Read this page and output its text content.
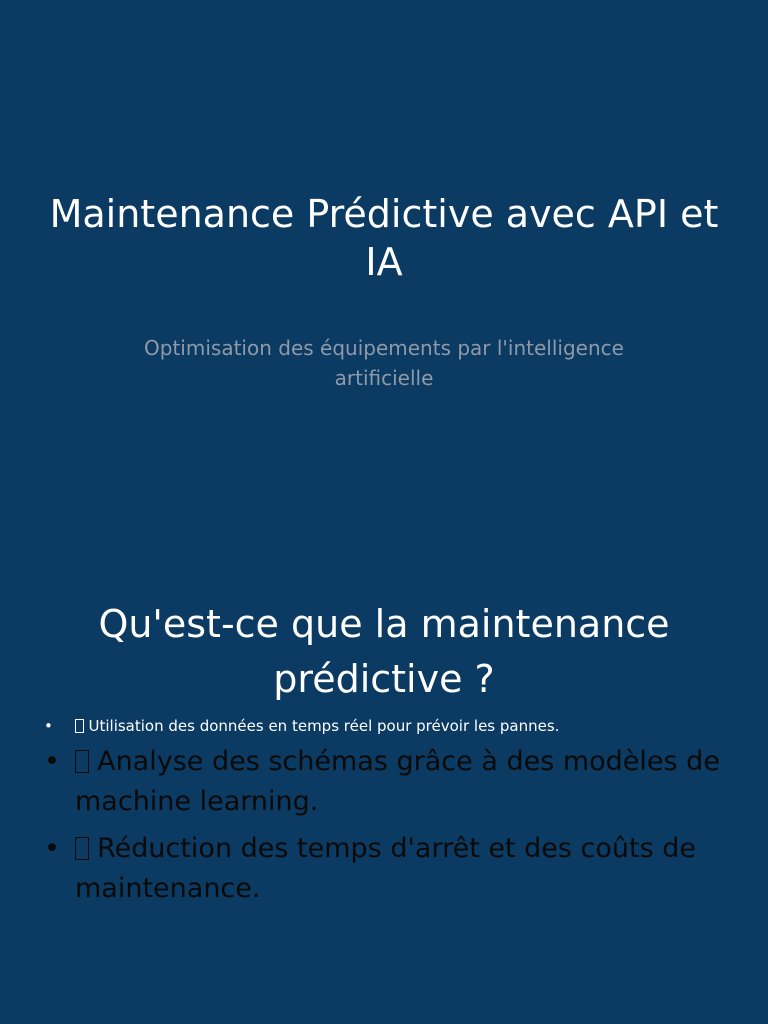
Maintenance Prédictive avec API et IA

Optimisation des équipements par l'intelligence artificielle

Qu'est-ce que la maintenance prédictive ?
• Utilisation des données en temps réel pour prévoir les pannes.
• Analyse des schémas grâce à des modèles de machine learning.
• Réduction des temps d'arrêt et des coûts de maintenance.
